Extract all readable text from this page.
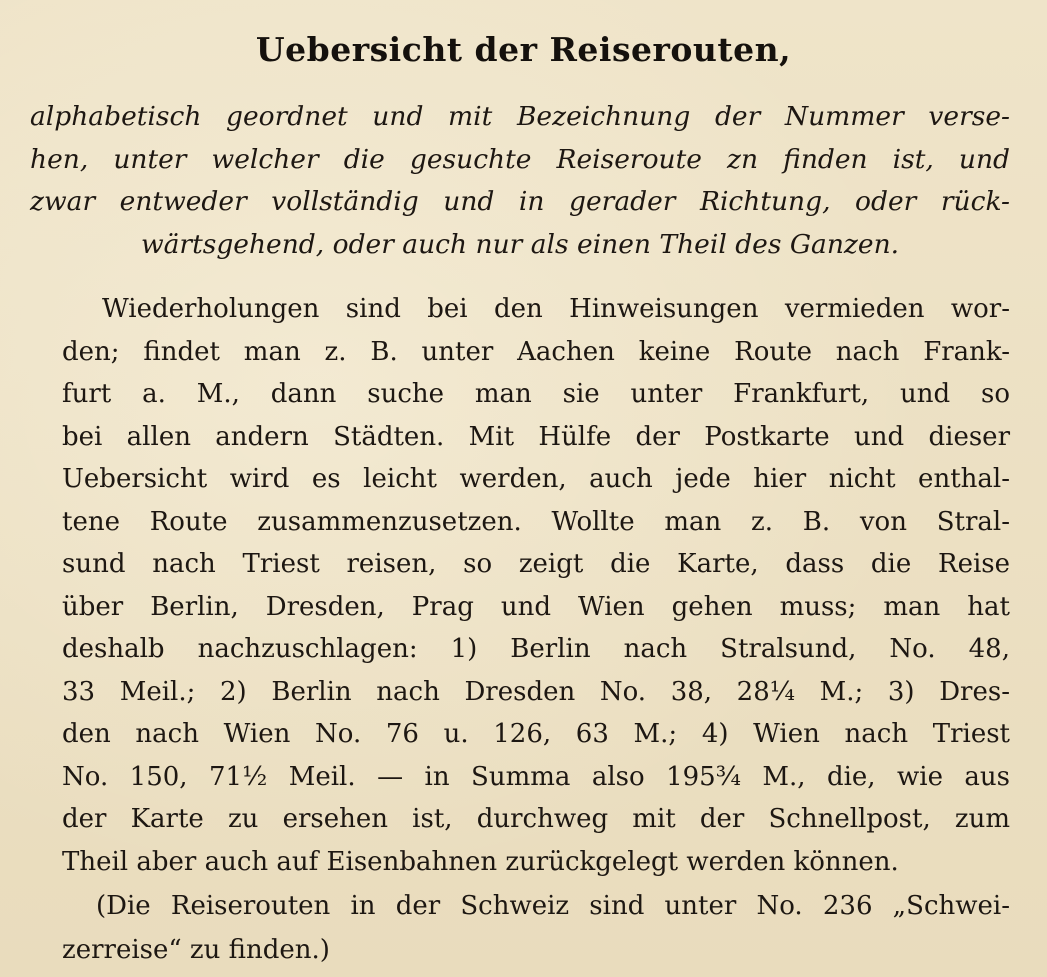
Uebersicht der Reiserouten,
alphabetisch geordnet und mit Bezeichnung der Nummer verse-
hen, unter welcher die gesuchte Reiseroute zn finden ist, und
zwar entweder vollständig und in gerader Richtung, oder rück-
wärtsgehend, oder auch nur als einen Theil des Ganzen.
Wiederholungen sind bei den Hinweisungen vermieden wor-
den; findet man z. B. unter Aachen keine Route nach Frank-
furt a. M., dann suche man sie unter Frankfurt, und so
bei allen andern Städten. Mit Hülfe der Postkarte und dieser
Uebersicht wird es leicht werden, auch jede hier nicht enthal-
tene Route zusammenzusetzen. Wollte man z. B. von Stral-
sund nach Triest reisen, so zeigt die Karte, dass die Reise
über Berlin, Dresden, Prag und Wien gehen muss; man hat
deshalb nachzuschlagen: 1) Berlin nach Stralsund, No. 48,
33 Meil.; 2) Berlin nach Dresden No. 38, 28¼ M.; 3) Dres-
den nach Wien No. 76 u. 126, 63 M.; 4) Wien nach Triest
No. 150, 71½ Meil. — in Summa also 195¾ M., die, wie aus
der Karte zu ersehen ist, durchweg mit der Schnellpost, zum
Theil aber auch auf Eisenbahnen zurückgelegt werden können.
(Die Reiserouten in der Schweiz sind unter No. 236 „Schwei-
zerreise“ zu finden.)
